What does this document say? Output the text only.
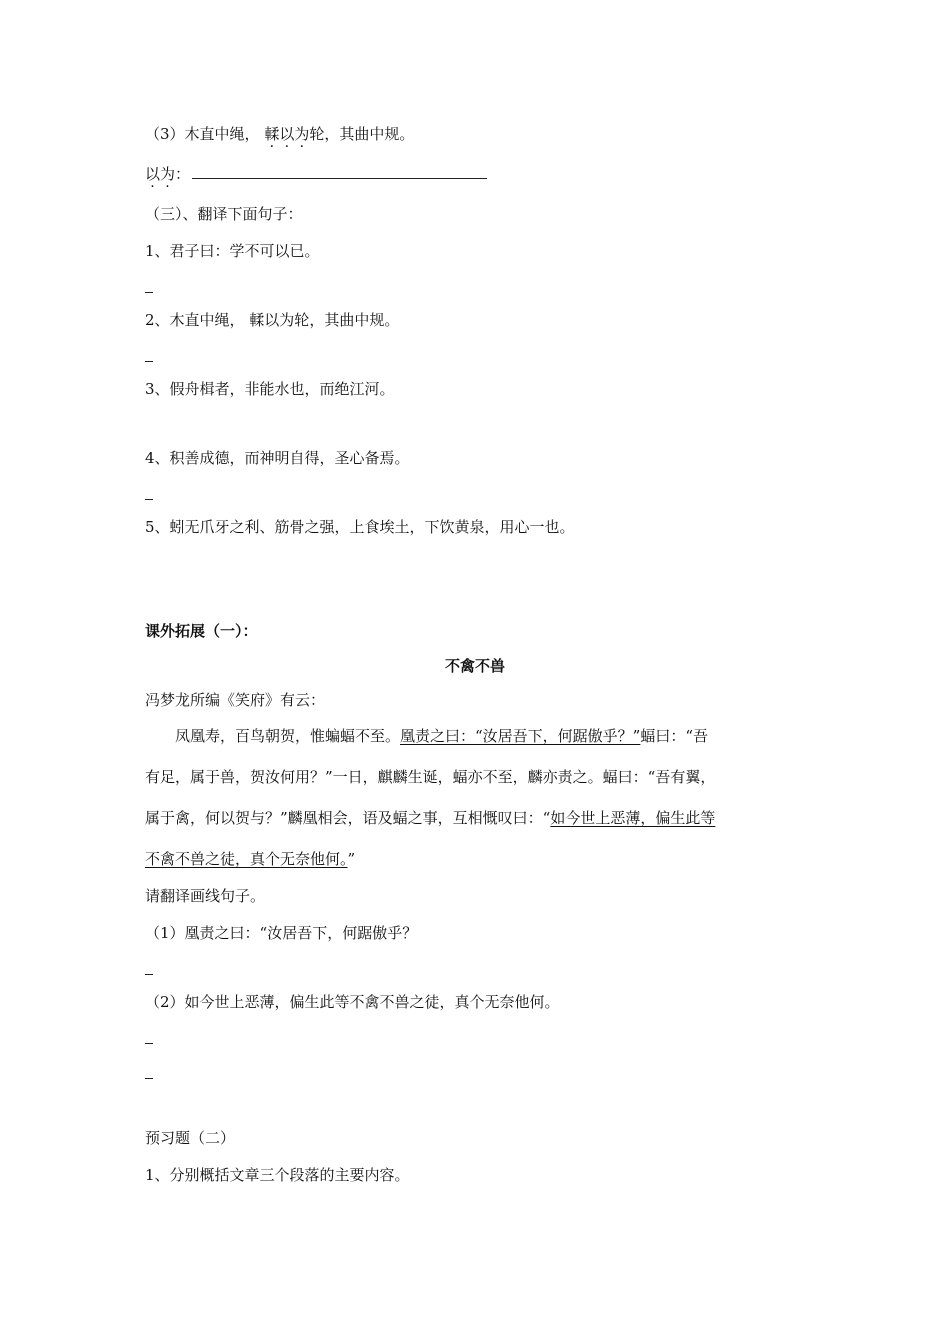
（3）木直中绳， 輮以为轮，其曲中规。
以为：
（三）、翻译下面句子：
1、君子曰：学不可以已。
2、木直中绳， 輮以为轮，其曲中规。
3、假舟楫者，非能水也，而绝江河。
4、积善成德，而神明自得，圣心备焉。
5、蚓无爪牙之利、筋骨之强，上食埃土，下饮黄泉，用心一也。
课外拓展（一）：
不禽不兽
冯梦龙所编《笑府》有云：
凤凰寿，百鸟朝贺，惟蝙蝠不至。凰责之曰：“汝居吾下，何踞傲乎？”蝠曰：“吾
有足，属于兽，贺汝何用？”一日，麒麟生诞，蝠亦不至，麟亦责之。蝠曰：“吾有翼，
属于禽，何以贺与？”麟凰相会，语及蝠之事，互相慨叹曰：“如今世上恶薄，偏生此等
不禽不兽之徒，真个无奈他何。”
请翻译画线句子。
（1）凰责之曰：“汝居吾下，何踞傲乎？
（2）如今世上恶薄，偏生此等不禽不兽之徒，真个无奈他何。
预习题（二）
1、分别概括文章三个段落的主要内容。
